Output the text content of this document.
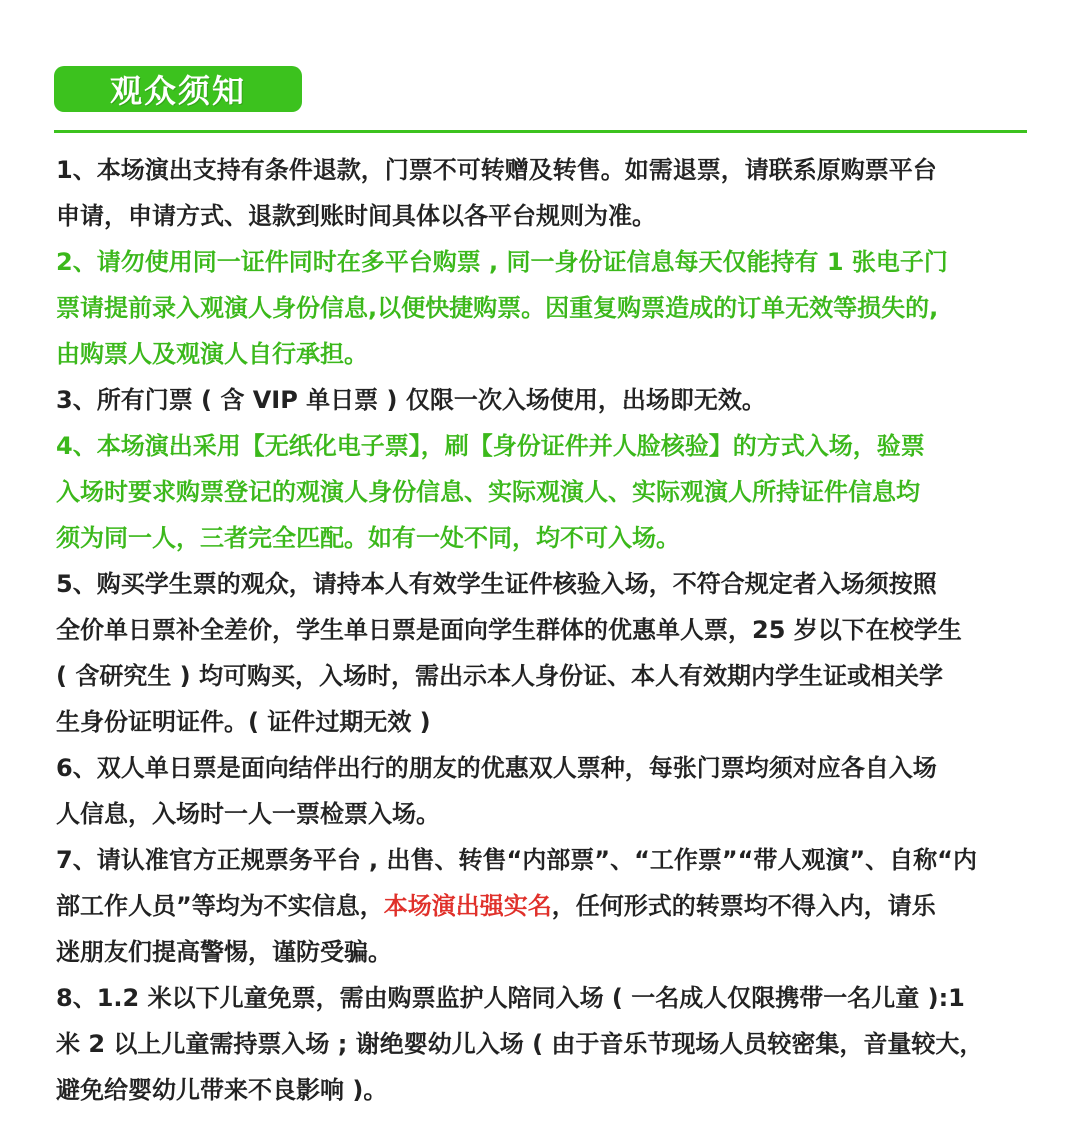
观众须知
1、本场演出支持有条件退款，门票不可转赠及转售。如需退票，请联系原购票平台
申请，申请方式、退款到账时间具体以各平台规则为准。
2、请勿使用同一证件同时在多平台购票 , 同一身份证信息每天仅能持有 1 张电子门
票请提前录入观演人身份信息,以便快捷购票。因重复购票造成的订单无效等损失的,
由购票人及观演人自行承担。
3、所有门票 ( 含 VIP 单日票 ) 仅限一次入场使用，出场即无效。
4、本场演出采用【无纸化电子票】，刷【身份证件并人脸核验】的方式入场，验票
入场时要求购票登记的观演人身份信息、实际观演人、实际观演人所持证件信息均
须为同一人，三者完全匹配。如有一处不同，均不可入场。
5、购买学生票的观众，请持本人有效学生证件核验入场，不符合规定者入场须按照
全价单日票补全差价，学生单日票是面向学生群体的优惠单人票，25 岁以下在校学生
( 含研究生 ) 均可购买，入场时，需出示本人身份证、本人有效期内学生证或相关学
生身份证明证件。( 证件过期无效 )
6、双人单日票是面向结伴出行的朋友的优惠双人票种，每张门票均须对应各自入场
人信息，入场时一人一票检票入场。
7、请认准官方正规票务平台 , 出售、转售“内部票”、“工作票”“带人观演”、自称“内
部工作人员”等均为不实信息，本场演出强实名，任何形式的转票均不得入内，请乐
迷朋友们提高警惕，谨防受骗。
8、1.2 米以下儿童免票，需由购票监护人陪同入场 ( 一名成人仅限携带一名儿童 ):1
米 2 以上儿童需持票入场 ; 谢绝婴幼儿入场 ( 由于音乐节现场人员较密集，音量较大，
避免给婴幼儿带来不良影响 )。
